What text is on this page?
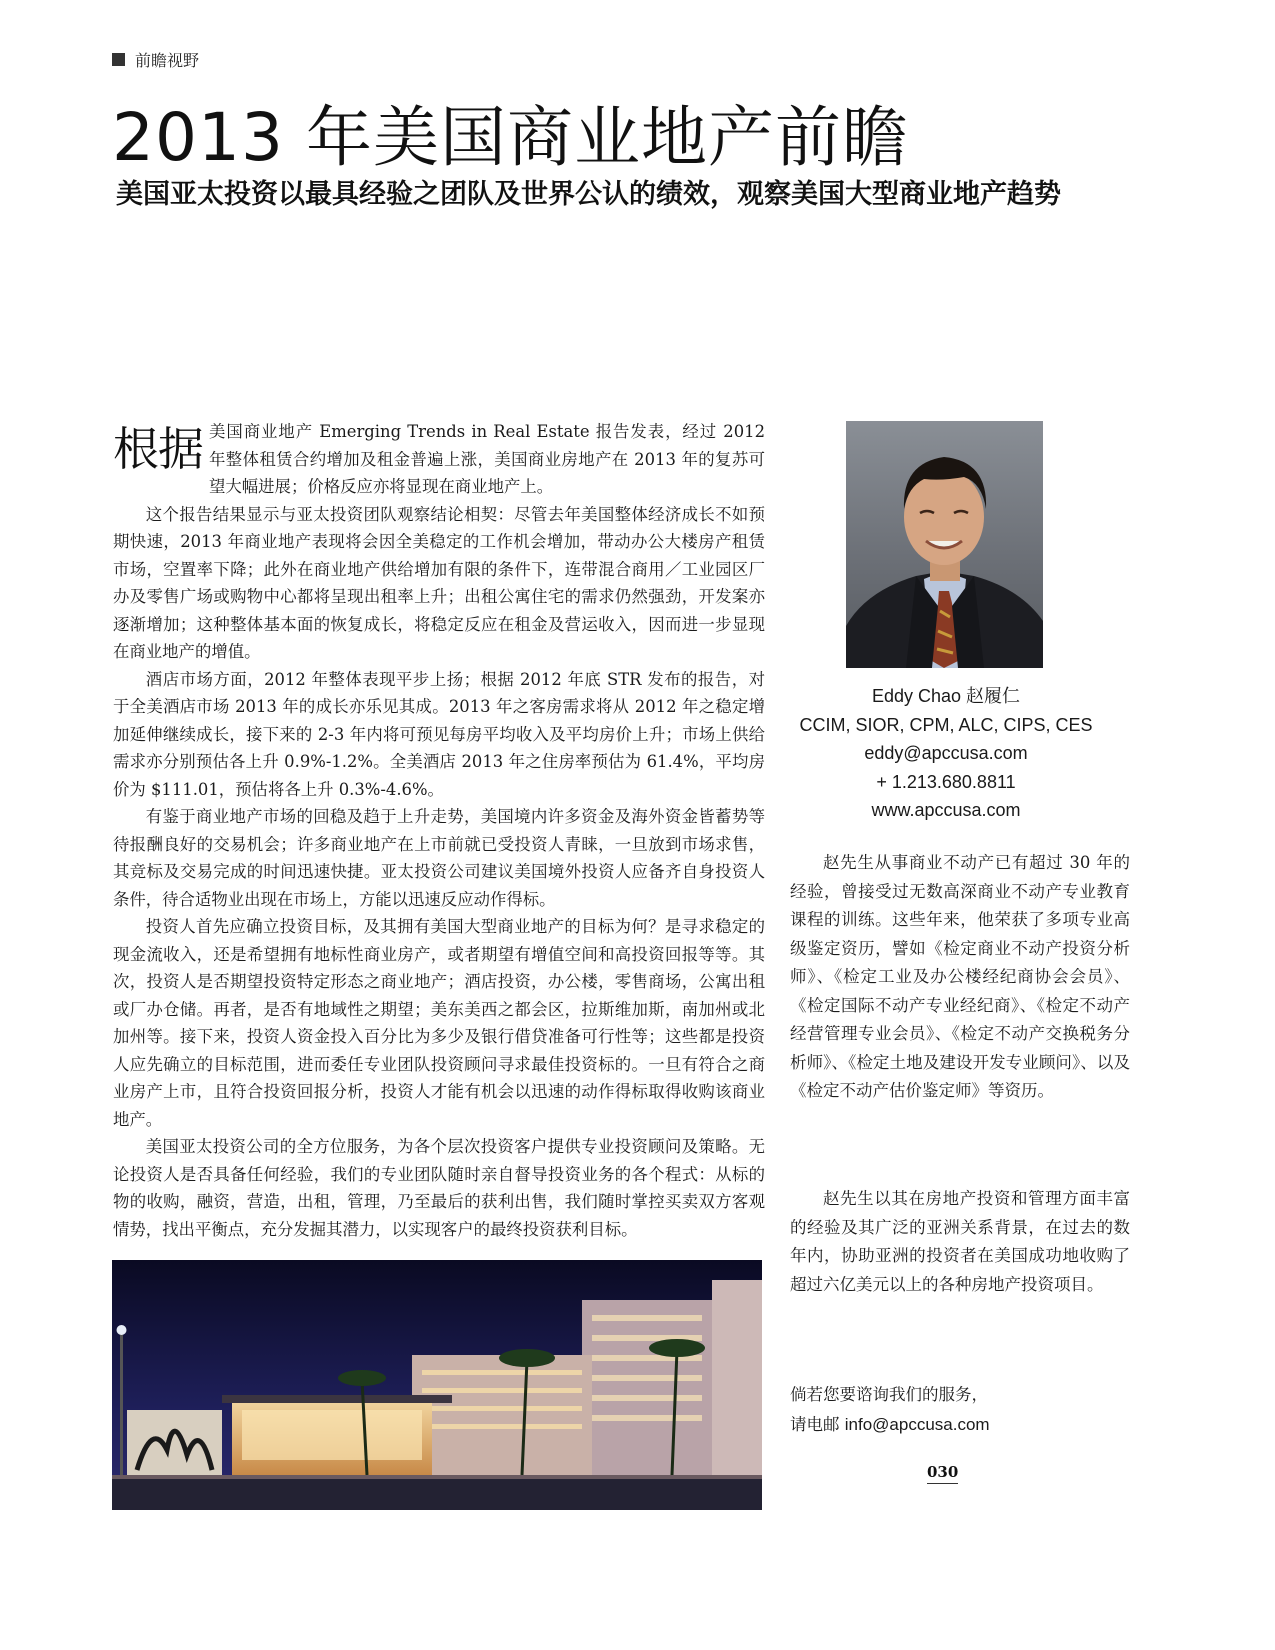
前瞻视野
2013 年美国商业地产前瞻
美国亚太投资以最具经验之团队及世界公认的绩效，观察美国大型商业地产趋势

根据 美国商业地产 Emerging Trends in Real Estate 报告发表，经过 2012 年整体租赁合约增加及租金普遍上涨，美国商业房地产在 2013 年的复苏可望大幅进展；价格反应亦将显现在商业地产上。

这个报告结果显示与亚太投资团队观察结论相契：尽管去年美国整体经济成长不如预期快速，2013 年商业地产表现将会因全美稳定的工作机会增加，带动办公大楼房产租赁市场，空置率下降；此外在商业地产供给增加有限的条件下，连带混合商用／工业园区厂办及零售广场或购物中心都将呈现出租率上升；出租公寓住宅的需求仍然强劲，开发案亦逐渐增加；这种整体基本面的恢复成长，将稳定反应在租金及营运收入，因而进一步显现在商业地产的增值。

酒店市场方面，2012 年整体表现平步上扬；根据 2012 年底 STR 发布的报告，对于全美酒店市场 2013 年的成长亦乐见其成。2013 年之客房需求将从 2012 年之稳定增加延伸继续成长，接下来的 2-3 年内将可预见每房平均收入及平均房价上升；市场上供给需求亦分别预估各上升 0.9%-1.2%。全美酒店 2013 年之住房率预估为 61.4%，平均房价为 $111.01，预估将各上升 0.3%-4.6%。

有鉴于商业地产市场的回稳及趋于上升走势，美国境内许多资金及海外资金皆蓄势等待报酬良好的交易机会；许多商业地产在上市前就已受投资人青睐，一旦放到市场求售，其竞标及交易完成的时间迅速快捷。亚太投资公司建议美国境外投资人应备齐自身投资人条件，待合适物业出现在市场上，方能以迅速反应动作得标。

投资人首先应确立投资目标，及其拥有美国大型商业地产的目标为何？是寻求稳定的现金流收入，还是希望拥有地标性商业房产，或者期望有增值空间和高投资回报等等。其次，投资人是否期望投资特定形态之商业地产；酒店投资，办公楼，零售商场，公寓出租或厂办仓储。再者，是否有地域性之期望；美东美西之都会区，拉斯维加斯，南加州或北加州等。接下来，投资人资金投入百分比为多少及银行借贷准备可行性等；这些都是投资人应先确立的目标范围，进而委任专业团队投资顾问寻求最佳投资标的。一旦有符合之商业房产上市，且符合投资回报分析，投资人才能有机会以迅速的动作得标取得收购该商业地产。

美国亚太投资公司的全方位服务，为各个层次投资客户提供专业投资顾问及策略。无论投资人是否具备任何经验，我们的专业团队随时亲自督导投资业务的各个程式：从标的物的收购，融资，营造，出租，管理，乃至最后的获利出售，我们随时掌控买卖双方客观情势，找出平衡点，充分发掘其潜力，以实现客户的最终投资获利目标。

Eddy Chao 赵履仁
CCIM, SIOR, CPM, ALC, CIPS, CES
eddy@apccusa.com
+ 1.213.680.8811
www.apccusa.com

赵先生从事商业不动产已有超过 30 年的经验，曾接受过无数高深商业不动产专业教育课程的训练。这些年来，他荣获了多项专业高级鉴定资历，譬如《检定商业不动产投资分析师》、《检定工业及办公楼经纪商协会会员》、《检定国际不动产专业经纪商》、《检定不动产经营管理专业会员》、《检定不动产交换税务分析师》、《检定土地及建设开发专业顾问》、以及《检定不动产估价鉴定师》等资历。

赵先生以其在房地产投资和管理方面丰富的经验及其广泛的亚洲关系背景，在过去的数年内，协助亚洲的投资者在美国成功地收购了超过六亿美元以上的各种房地产投资项目。

倘若您要谘询我们的服务，
请电邮 info@apccusa.com
030
